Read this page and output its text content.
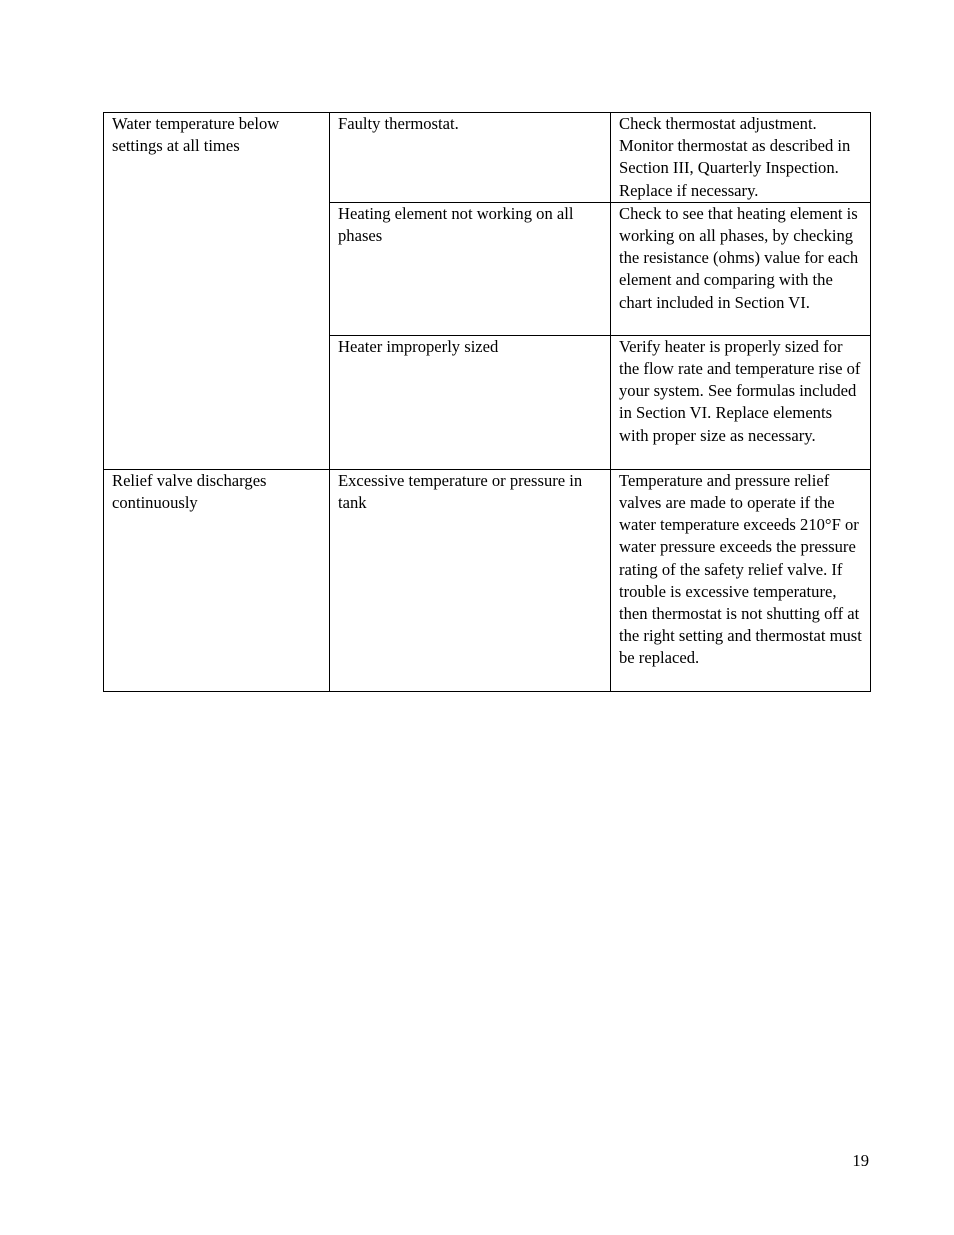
Water temperature below settings at all times	Faulty thermostat.	Check thermostat adjustment. Monitor thermostat as described in Section III, Quarterly Inspection. Replace if necessary.
	Heating element not working on all phases	Check to see that heating element is working on all phases, by checking the resistance (ohms) value for each element and comparing with the chart included in Section VI.
	Heater improperly sized	Verify heater is properly sized for the flow rate and temperature rise of your system. See formulas included in Section VI. Replace elements with proper size as necessary.
Relief valve discharges continuously	Excessive temperature or pressure in tank	Temperature and pressure relief valves are made to operate if the water temperature exceeds 210°F or water pressure exceeds the pressure rating of the safety relief valve. If trouble is excessive temperature, then thermostat is not shutting off at the right setting and thermostat must be replaced.
19
